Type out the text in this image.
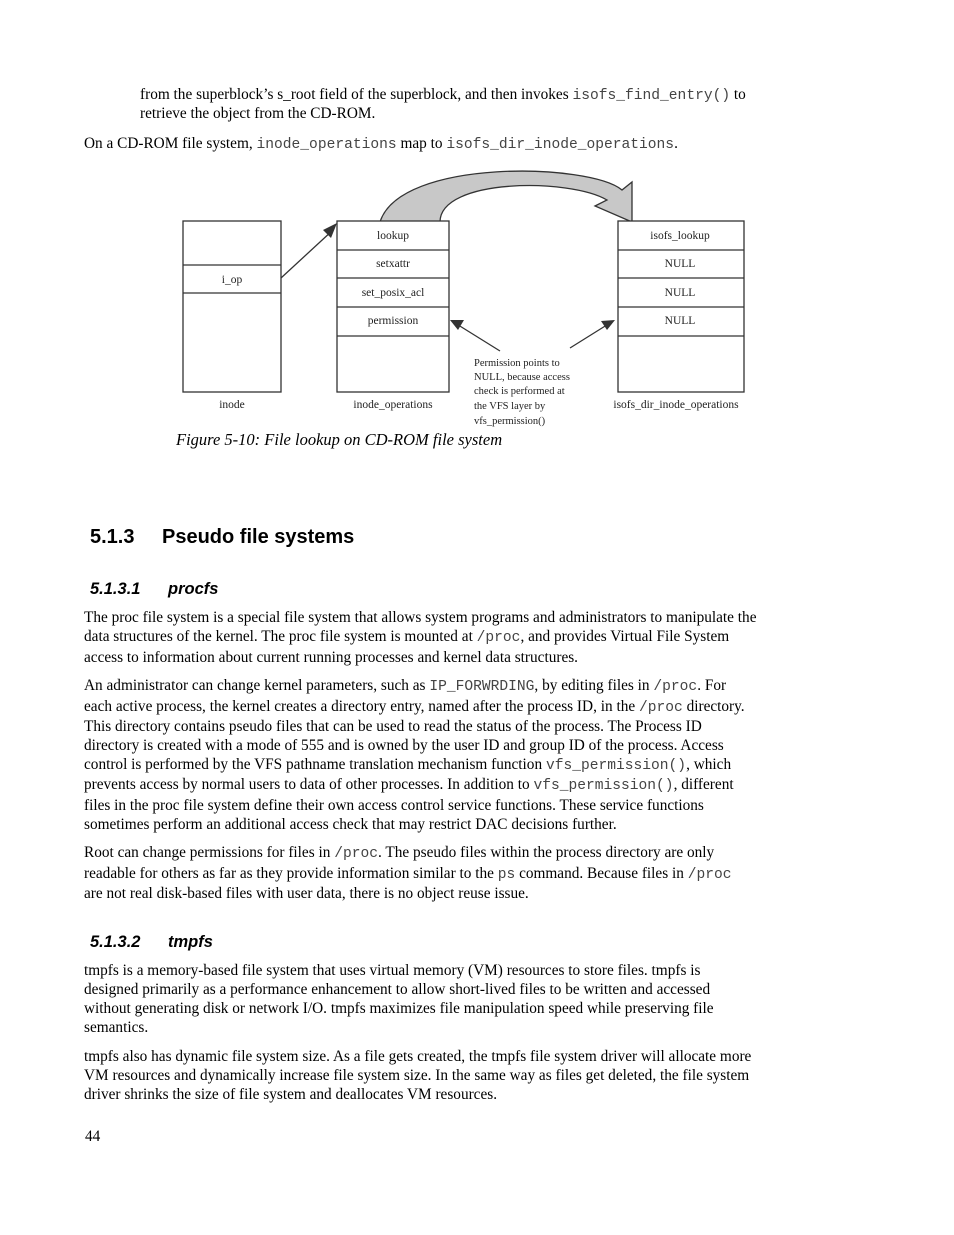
from the superblock’s s_root field of the superblock, and then invokes isofs_find_entry() to
retrieve the object from the CD-ROM.
On a CD-ROM file system, inode_operations map to isofs_dir_inode_operations.
i_op
inode
lookup
setxattr
set_posix_acl
permission
inode_operations
isofs_lookup
NULL
NULL
NULL
isofs_dir_inode_operations
Permission points to
NULL, because access
check is performed at
the VFS layer by
vfs_permission()
Figure 5-10: File lookup on CD-ROM file system
5.1.3 Pseudo file systems
5.1.3.1 procfs
The proc file system is a special file system that allows system programs and administrators to manipulate the
data structures of the kernel. The proc file system is mounted at /proc, and provides Virtual File System
access to information about current running processes and kernel data structures.
An administrator can change kernel parameters, such as IP_FORWRDING, by editing files in /proc. For
each active process, the kernel creates a directory entry, named after the process ID, in the /proc directory.
This directory contains pseudo files that can be used to read the status of the process. The Process ID
directory is created with a mode of 555 and is owned by the user ID and group ID of the process. Access
control is performed by the VFS pathname translation mechanism function vfs_permission(), which
prevents access by normal users to data of other processes. In addition to vfs_permission(), different
files in the proc file system define their own access control service functions. These service functions
sometimes perform an additional access check that may restrict DAC decisions further.
Root can change permissions for files in /proc. The pseudo files within the process directory are only
readable for others as far as they provide information similar to the ps command. Because files in /proc
are not real disk-based files with user data, there is no object reuse issue.
5.1.3.2 tmpfs
tmpfs is a memory-based file system that uses virtual memory (VM) resources to store files. tmpfs is
designed primarily as a performance enhancement to allow short-lived files to be written and accessed
without generating disk or network I/O. tmpfs maximizes file manipulation speed while preserving file
semantics.
tmpfs also has dynamic file system size. As a file gets created, the tmpfs file system driver will allocate more
VM resources and dynamically increase file system size. In the same way as files get deleted, the file system
driver shrinks the size of file system and deallocates VM resources.
44
